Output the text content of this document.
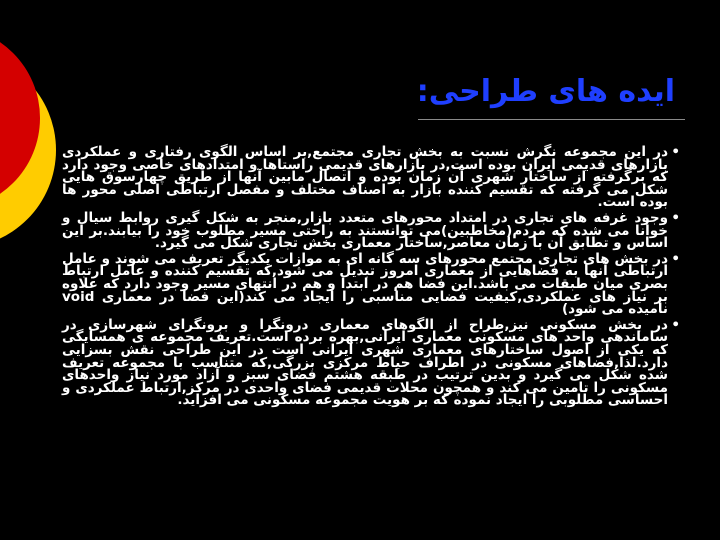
ایده های طراحی:

•
در این مجموعه نگرش نسبت به بخش تجاری مجتمع,بر اساس الگوی رفتاری و عملکردی بازارهای قدیمی ایران بوده است,در بازارهای قدیمی راستاها و امتدادهای خاصی وجود دارد که برگرفته از ساختار شهری آن زمان بوده و اتصال مابین آنها از طریق چهارسوق هایی شکل می گرفته که تقسیم کننده بازار به اصناف مختلف و مفصل ارتباطی اصلی محور ها بوده است.

•
وجود غرفه های تجاری در امتداد محورهای متعدد بازار,منجر به شکل گیری روابط سیال و خوانا می شده که مردم(مخاطبین)می توانستند به راحتی مسیر مطلوب خود را بیابند.بر این اساس و تطابق آن با زمان معاصر,ساختار معماری بخش تجاری شکل می گیرد.

•
در بخش های تجاری مجتمع محورهای سه گانه ای به موازات یکدیگر تعریف می شوند و عامل ارتباطی آنها به فضاهایی از معماری امروز تبدیل می شود,که تقسیم کننده و عامل ارتباط بصری میان طبقات می باشد.این فضا هم در ابتدا و هم در انتهای مسیر وجود دارد که علاوه بر نیاز های عملکردی,کیفیت فضایی مناسبی را ایجاد می کند(این فضا در معماری void نامیده می شود)

•
در بخش مسکونی نیز,طراح از الگوهای معماری درونگرا و برونگرای شهرسازی در ساماندهی واحد های مسکونی معماری ایرانی,بهره برده است.تعریف مجموعه ی همسایگی که یکی از اصول ساختارهای معماری شهری ایرانی است در این طراحی نقش بسزایی دارد.لذا,فضاهای مسکونی در اطراف حیاط مرکزی بزرگی,که متناسب با مجموعه تعریف شده شکل می گیرد و بدین ترتیب در طبقه هشتم فضای سبز و آزاد مورد نیاز واحدهای مسکونی را تامین می کند و همچون محلات قدیمی فضای واحدی در مرکز,ارتباط عملکردی و احساسی مطلوبی را ایجاد نموده که بر هویت مجموعه مسکونی می افزاید.
